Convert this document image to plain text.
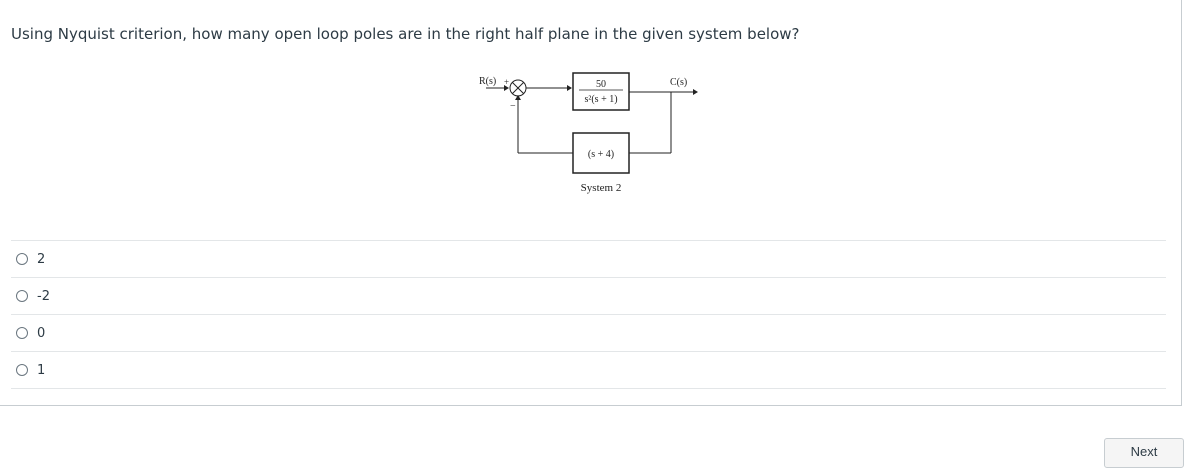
Using Nyquist criterion, how many open loop poles are in the right half plane in the given system below?
R(s) +	50
s²(s + 1)
C(s)
(s + 4)
−
System 2
2
-2
0
1
Next
